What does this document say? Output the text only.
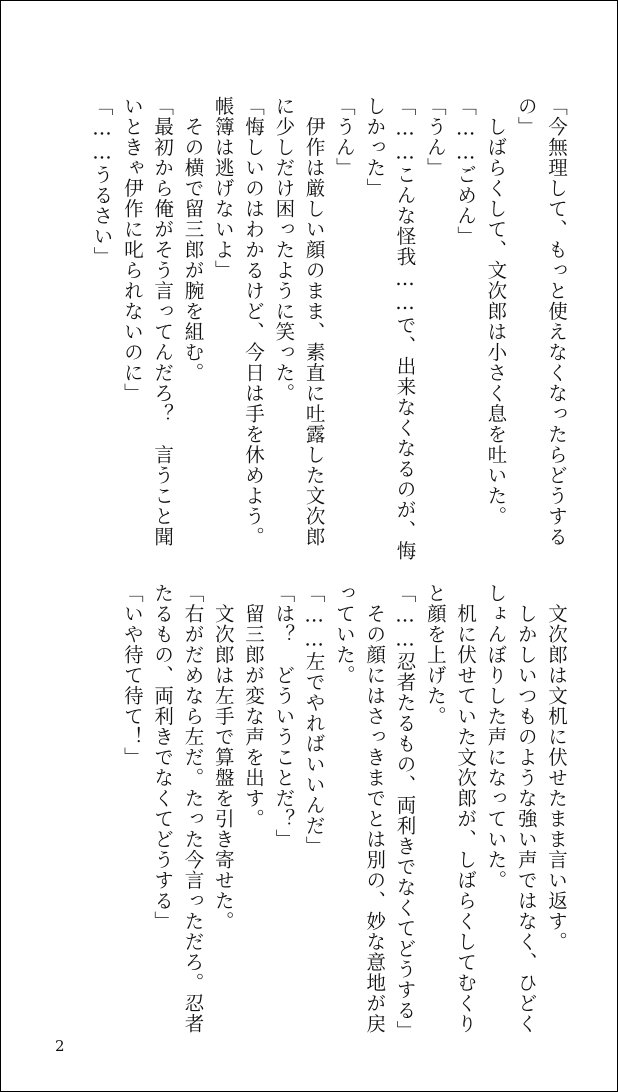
「今無理して、もっと使えなくなったらどうする
の」
　しばらくして、文次郎は小さく息を吐いた。
「……ごめん」
「うん」
「……こんな怪我……で、出来なくなるのが、悔
しかった」
「うん」
　伊作は厳しい顔のまま、素直に吐露した文次郎
に少しだけ困ったように笑った。
「悔しいのはわかるけど、今日は手を休めよう。
帳簿は逃げないよ」
　その横で留三郎が腕を組む。
「最初から俺がそう言ってんだろ？　言うこと聞
いときゃ伊作に叱られないのに」
「……うるさい」
　文次郎は文机に伏せたまま言い返す。
　しかしいつものような強い声ではなく、ひどく
しょんぼりした声になっていた。
　机に伏せていた文次郎が、しばらくしてむくり
と顔を上げた。
「……忍者たるもの、両利きでなくてどうする」
　その顔にはさっきまでとは別の、妙な意地が戻
っていた。
「……左でやればいいんだ」
「は？　どういうことだ？」
　留三郎が変な声を出す。
　文次郎は左手で算盤を引き寄せた。
「右がだめなら左だ。たった今言っただろ。忍者
たるもの、両利きでなくてどうする」
「いや待て待て！」
2
